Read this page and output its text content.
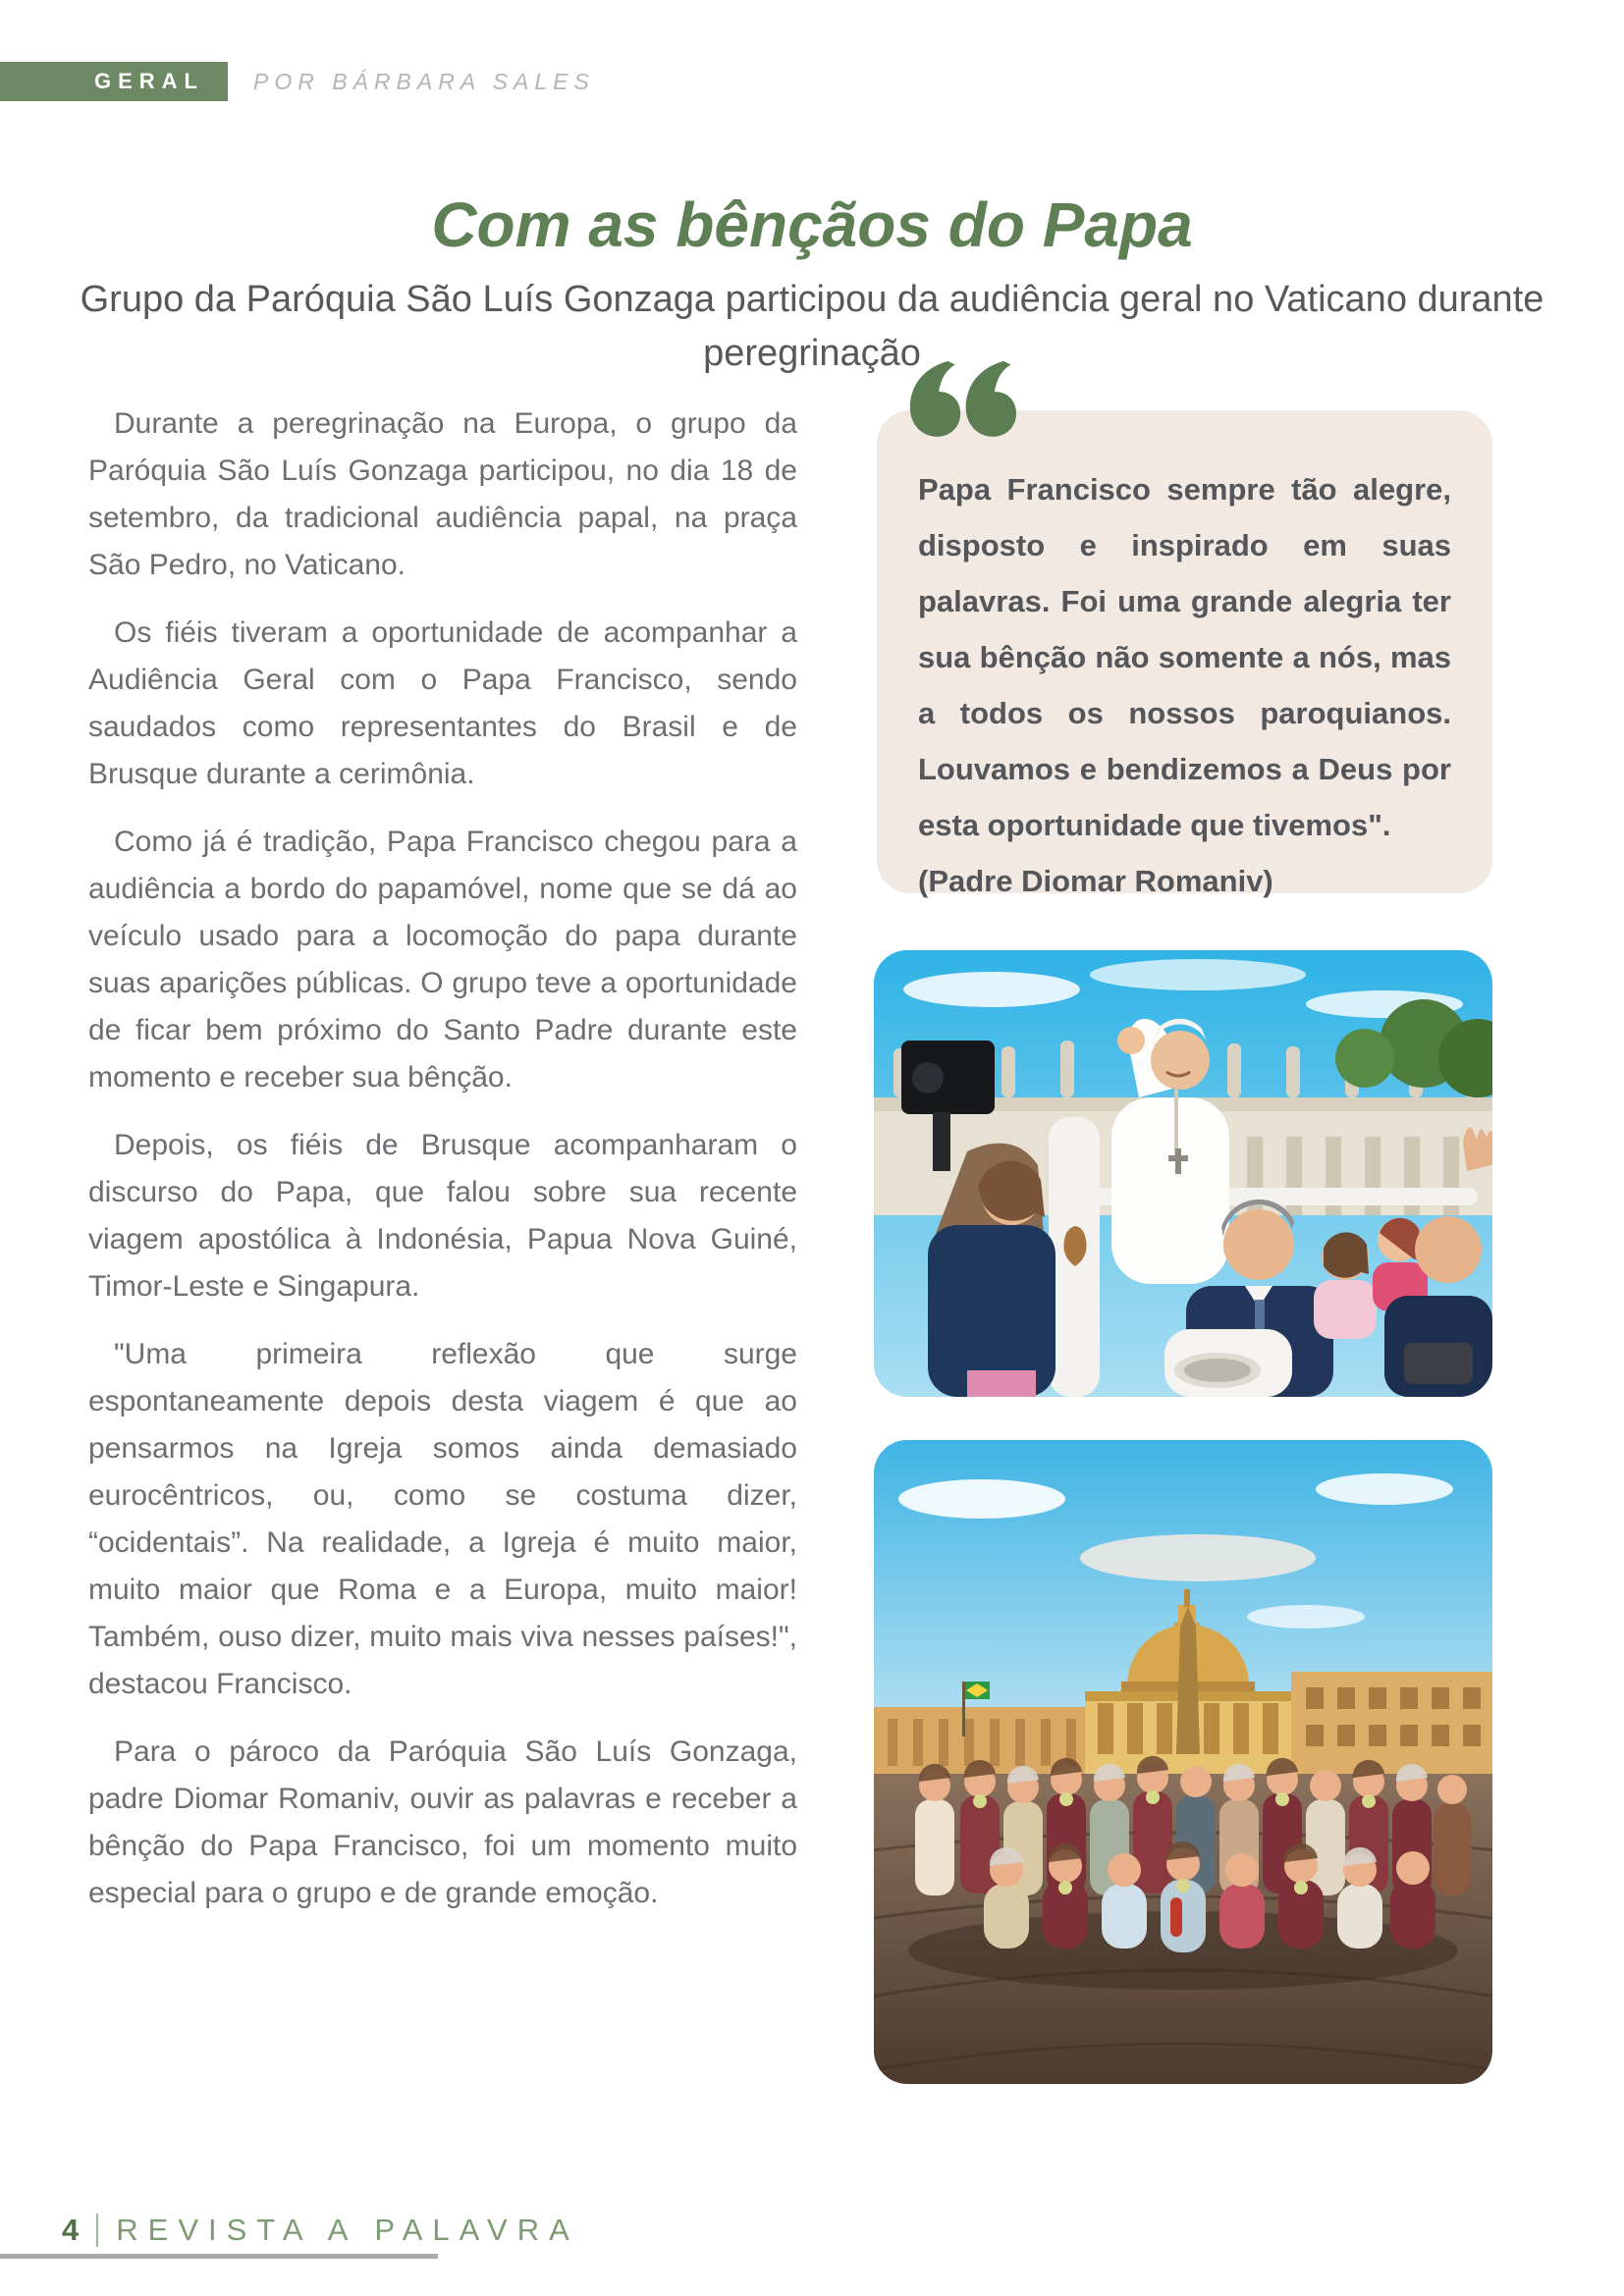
GERAL POR BÁRBARA SALES
Com as bênçãos do Papa
Grupo da Paróquia São Luís Gonzaga participou da audiência geral no Vaticano durante peregrinação

Durante a peregrinação na Europa, o grupo da Paróquia São Luís Gonzaga participou, no dia 18 de setembro, da tradicional audiência papal, na praça São Pedro, no Vaticano.

Os fiéis tiveram a oportunidade de acompanhar a Audiência Geral com o Papa Francisco, sendo saudados como representantes do Brasil e de Brusque durante a cerimônia.

Como já é tradição, Papa Francisco chegou para a audiência a bordo do papamóvel, nome que se dá ao veículo usado para a locomoção do papa durante suas aparições públicas. O grupo teve a oportunidade de ficar bem próximo do Santo Padre durante este momento e receber sua bênção.

Depois, os fiéis de Brusque acompanharam o discurso do Papa, que falou sobre sua recente viagem apostólica à Indonésia, Papua Nova Guiné, Timor-Leste e Singapura.

"Uma primeira reflexão que surge espontaneamente depois desta viagem é que ao pensarmos na Igreja somos ainda demasiado eurocêntricos, ou, como se costuma dizer, “ocidentais”. Na realidade, a Igreja é muito maior, muito maior que Roma e a Europa, muito maior! Também, ouso dizer, muito mais viva nesses países!", destacou Francisco.

Para o pároco da Paróquia São Luís Gonzaga, padre Diomar Romaniv, ouvir as palavras e receber a bênção do Papa Francisco, foi um momento muito especial para o grupo e de grande emoção.

Papa Francisco sempre tão alegre, disposto e inspirado em suas palavras. Foi uma grande alegria ter sua bênção não somente a nós, mas a todos os nossos paroquianos. Louvamos e bendizemos a Deus por esta oportunidade que tivemos".
(Padre Diomar Romaniv)
4 REVISTA A PALAVRA
